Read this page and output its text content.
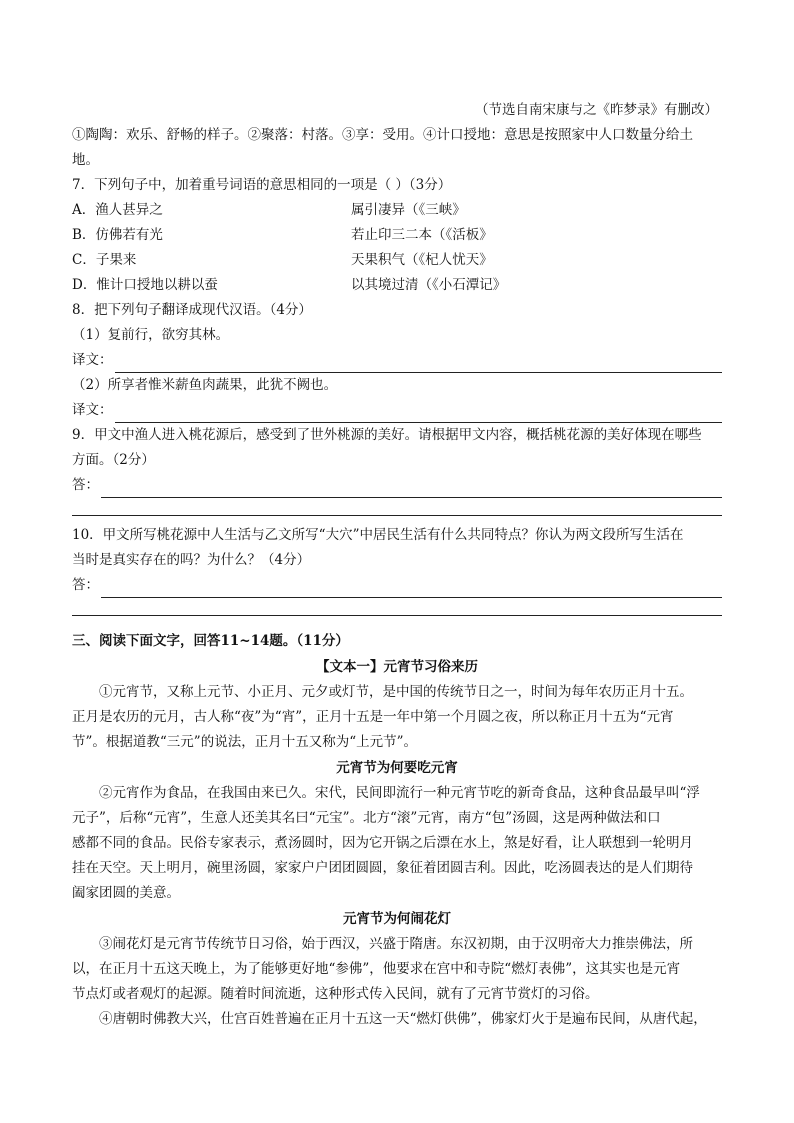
（节选自南宋康与之《昨梦录》有删改）
①陶陶：欢乐、舒畅的样子。②聚落：村落。③享：受用。④计口授地：意思是按照家中人口数量分给土
地。
7．下列句子中，加着重号词语的意思相同的一项是（ ）（3分）
A．渔人甚异之	属引凄异（《三峡》
B．仿佛若有光	若止印三二本（《活板》
C．子果来	天果积气（《杞人忧天》
D．惟计口授地以耕以蚕	以其境过清（《小石潭记》
8．把下列句子翻译成现代汉语。（4分）
（1）复前行，欲穷其林。
译文：
（2）所享者惟米薪鱼肉蔬果，此犹不阙也。
译文：
9．甲文中渔人进入桃花源后，感受到了世外桃源的美好。请根据甲文内容，概括桃花源的美好体现在哪些
方面。（2分）
答：
10．甲文所写桃花源中人生活与乙文所写“大穴”中居民生活有什么共同特点？你认为两文段所写生活在
当时是真实存在的吗？为什么？（4分）
答：
三、阅读下面文字，回答11~14题。（11分）
【文本一】元宵节习俗来历
①元宵节，又称上元节、小正月、元夕或灯节，是中国的传统节日之一，时间为每年农历正月十五。
正月是农历的元月，古人称“夜”为“宵”，正月十五是一年中第一个月圆之夜，所以称正月十五为“元宵
节”。根据道教“三元”的说法，正月十五又称为“上元节”。
元宵节为何要吃元宵
②元宵作为食品，在我国由来已久。宋代，民间即流行一种元宵节吃的新奇食品，这种食品最早叫“浮
元子”，后称“元宵”，生意人还美其名曰“元宝”。北方“滚”元宵，南方“包”汤圆，这是两种做法和口
感都不同的食品。民俗专家表示，煮汤圆时，因为它开锅之后漂在水上，煞是好看，让人联想到一轮明月
挂在天空。天上明月，碗里汤圆，家家户户团团圆圆，象征着团圆吉利。因此，吃汤圆表达的是人们期待
阖家团圆的美意。
元宵节为何闹花灯
③闹花灯是元宵节传统节日习俗，始于西汉，兴盛于隋唐。东汉初期，由于汉明帝大力推崇佛法，所
以，在正月十五这天晚上，为了能够更好地“参佛”，他要求在宫中和寺院“燃灯表佛”，这其实也是元宵
节点灯或者观灯的起源。随着时间流逝，这种形式传入民间，就有了元宵节赏灯的习俗。
④唐朝时佛教大兴，仕宫百姓普遍在正月十五这一天“燃灯供佛”，佛家灯火于是遍布民间，从唐代起，
